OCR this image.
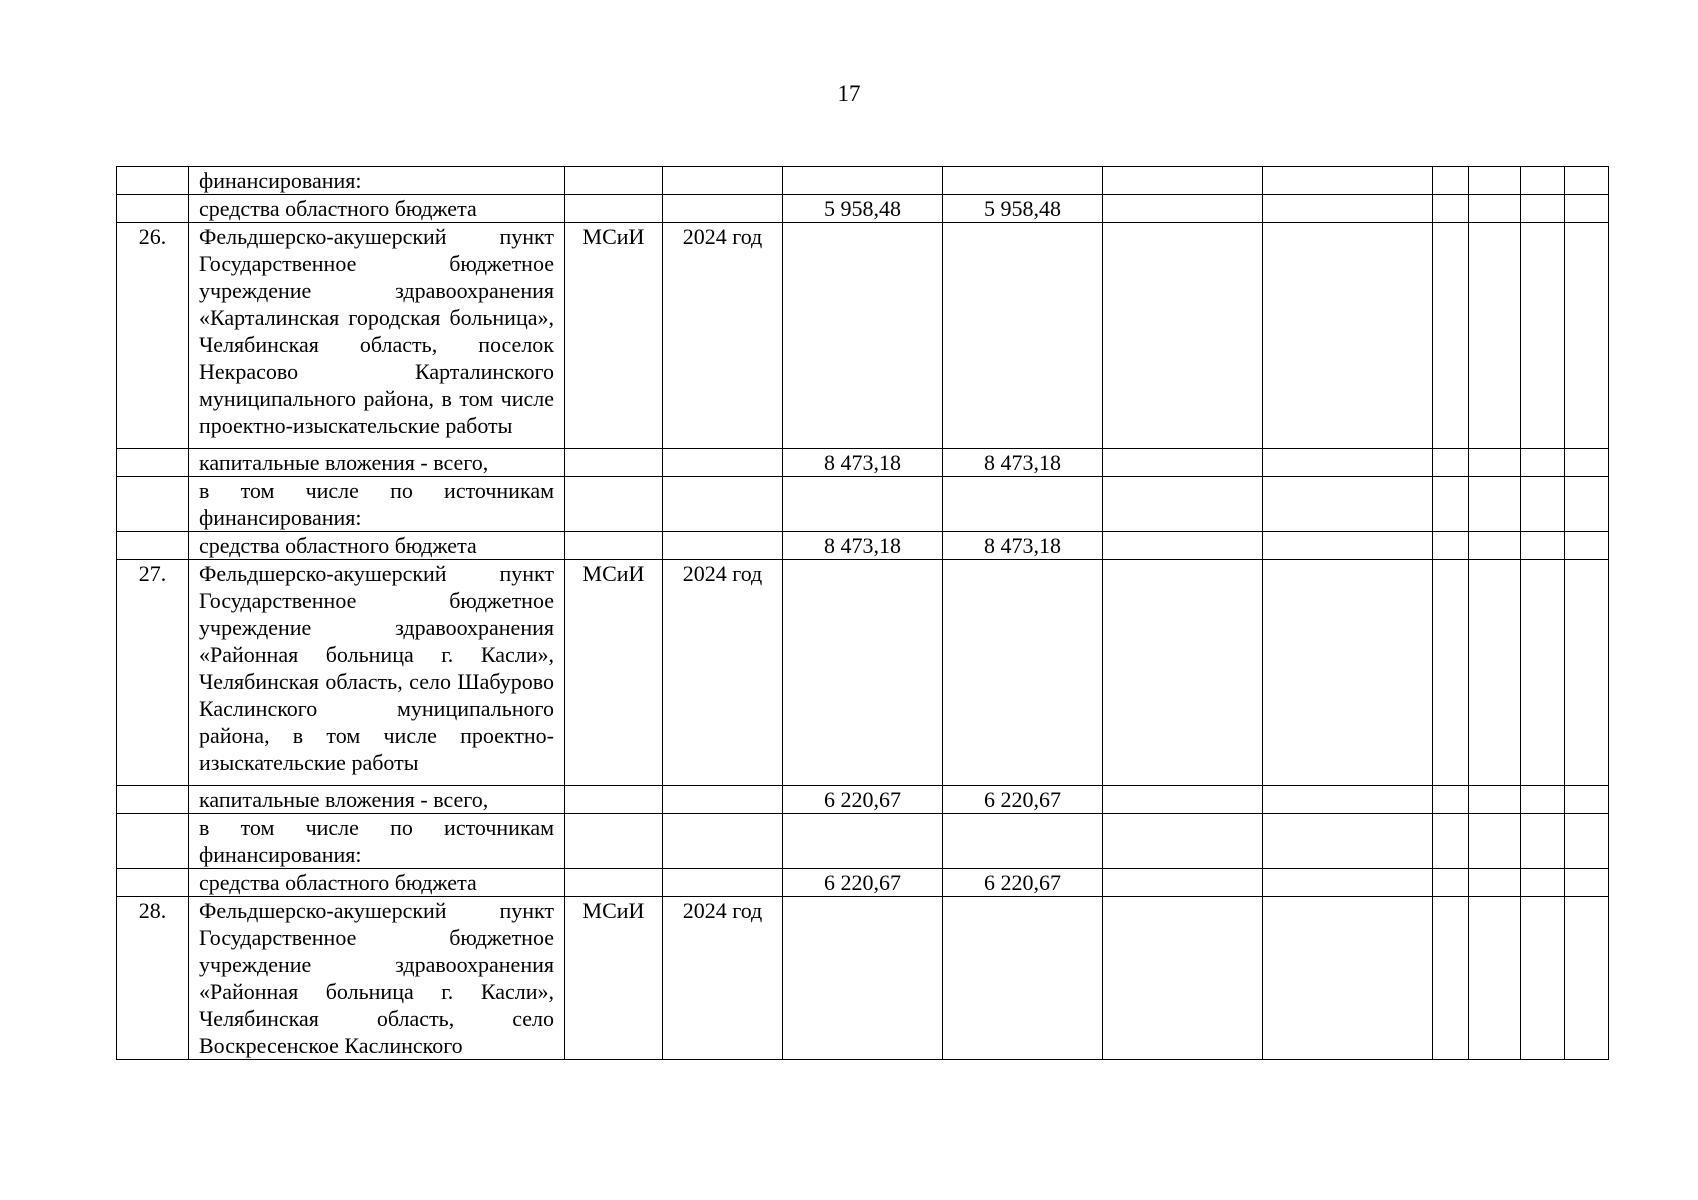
17
	финансирования:										
	средства областного бюджета			5 958,48	5 958,48						
26.	Фельдшерско-акушерский пункт Государственное бюджетное учреждение здравоохранения «Карталинская городская больница», Челябинская область, поселок Некрасово Карталинского муниципального района, в том числе проектно-изыскательские работы	МСиИ	2024 год								
	капитальные вложения - всего,			8 473,18	8 473,18						
	в том числе по источникам финансирования:										
	средства областного бюджета			8 473,18	8 473,18						
27.	Фельдшерско-акушерский пункт Государственное бюджетное учреждение здравоохранения «Районная больница г. Касли», Челябинская область, село Шабурово Каслинского муниципального района, в том числе проектно-изыскательские работы	МСиИ	2024 год								
	капитальные вложения - всего,			6 220,67	6 220,67						
	в том числе по источникам финансирования:										
	средства областного бюджета			6 220,67	6 220,67						
28.	Фельдшерско-акушерский пункт Государственное бюджетное учреждение здравоохранения «Районная больница г. Касли», Челябинская область, село Воскресенское Каслинского	МСиИ	2024 год								
